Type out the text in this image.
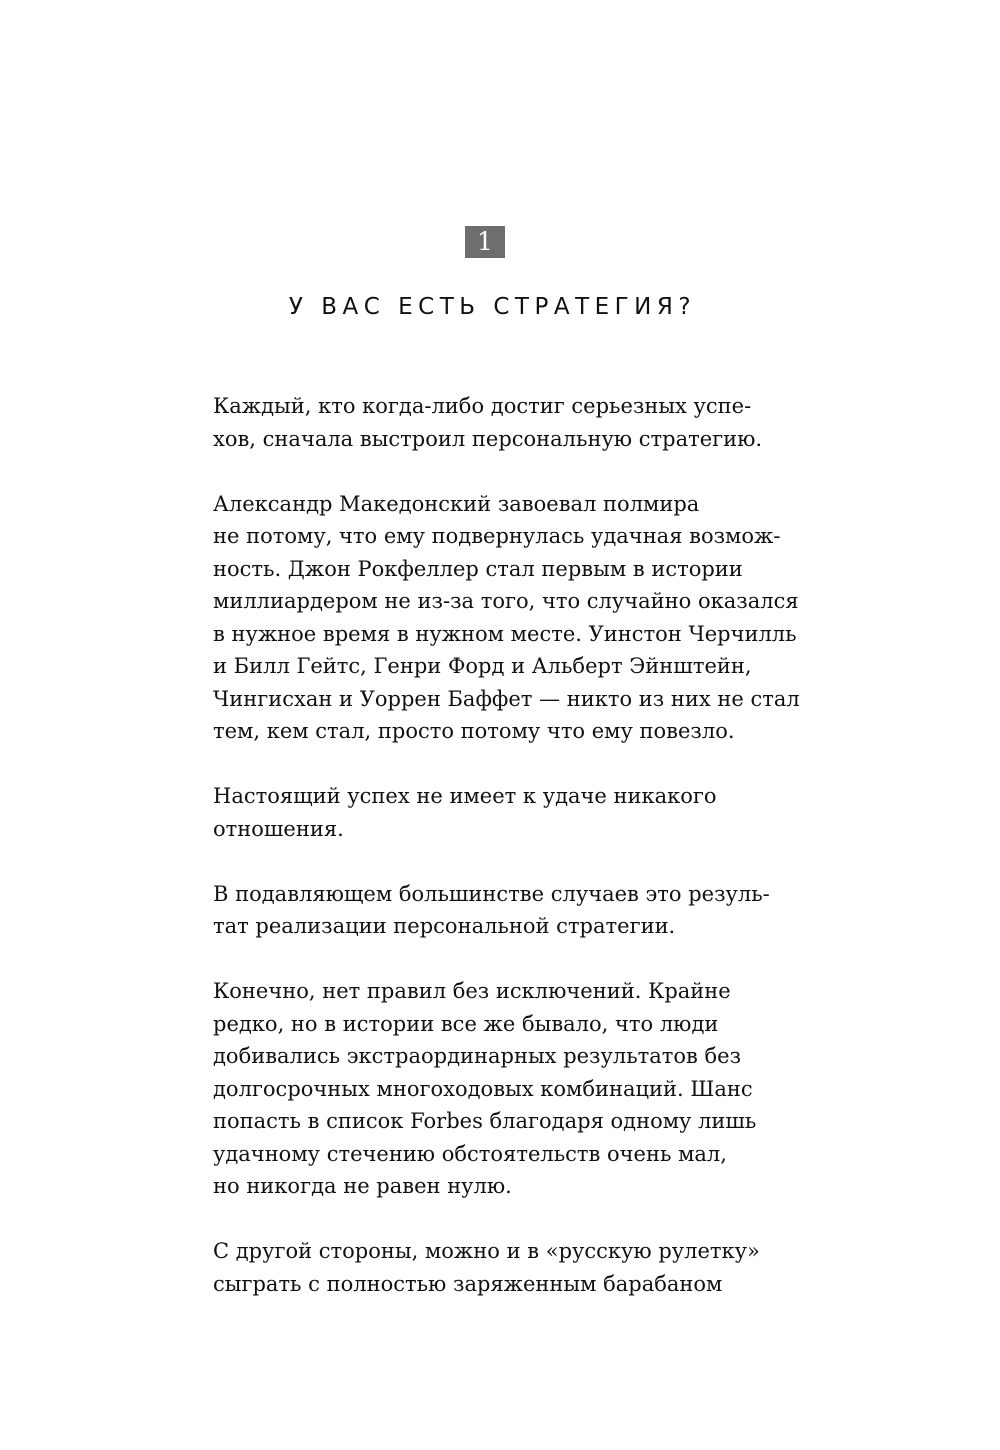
1
У ВАС ЕСТЬ СТРАТЕГИЯ?

Каждый, кто когда-либо достиг серьезных успе-
хов, сначала выстроил персональную стратегию.

Александр Македонский завоевал полмира
не потому, что ему подвернулась удачная возмож-
ность. Джон Рокфеллер стал первым в истории
миллиардером не из-за того, что случайно оказался
в нужное время в нужном месте. Уинстон Черчилль
и Билл Гейтс, Генри Форд и Альберт Эйнштейн,
Чингисхан и Уоррен Баффет — никто из них не стал
тем, кем стал, просто потому что ему повезло.

Настоящий успех не имеет к удаче никакого
отношения.

В подавляющем большинстве случаев это резуль-
тат реализации персональной стратегии.

Конечно, нет правил без исключений. Крайне
редко, но в истории все же бывало, что люди
добивались экстраординарных результатов без
долгосрочных многоходовых комбинаций. Шанс
попасть в список Forbes благодаря одному лишь
удачному стечению обстоятельств очень мал,
но никогда не равен нулю.

С другой стороны, можно и в «русскую рулетку»
сыграть с полностью заряженным барабаном
